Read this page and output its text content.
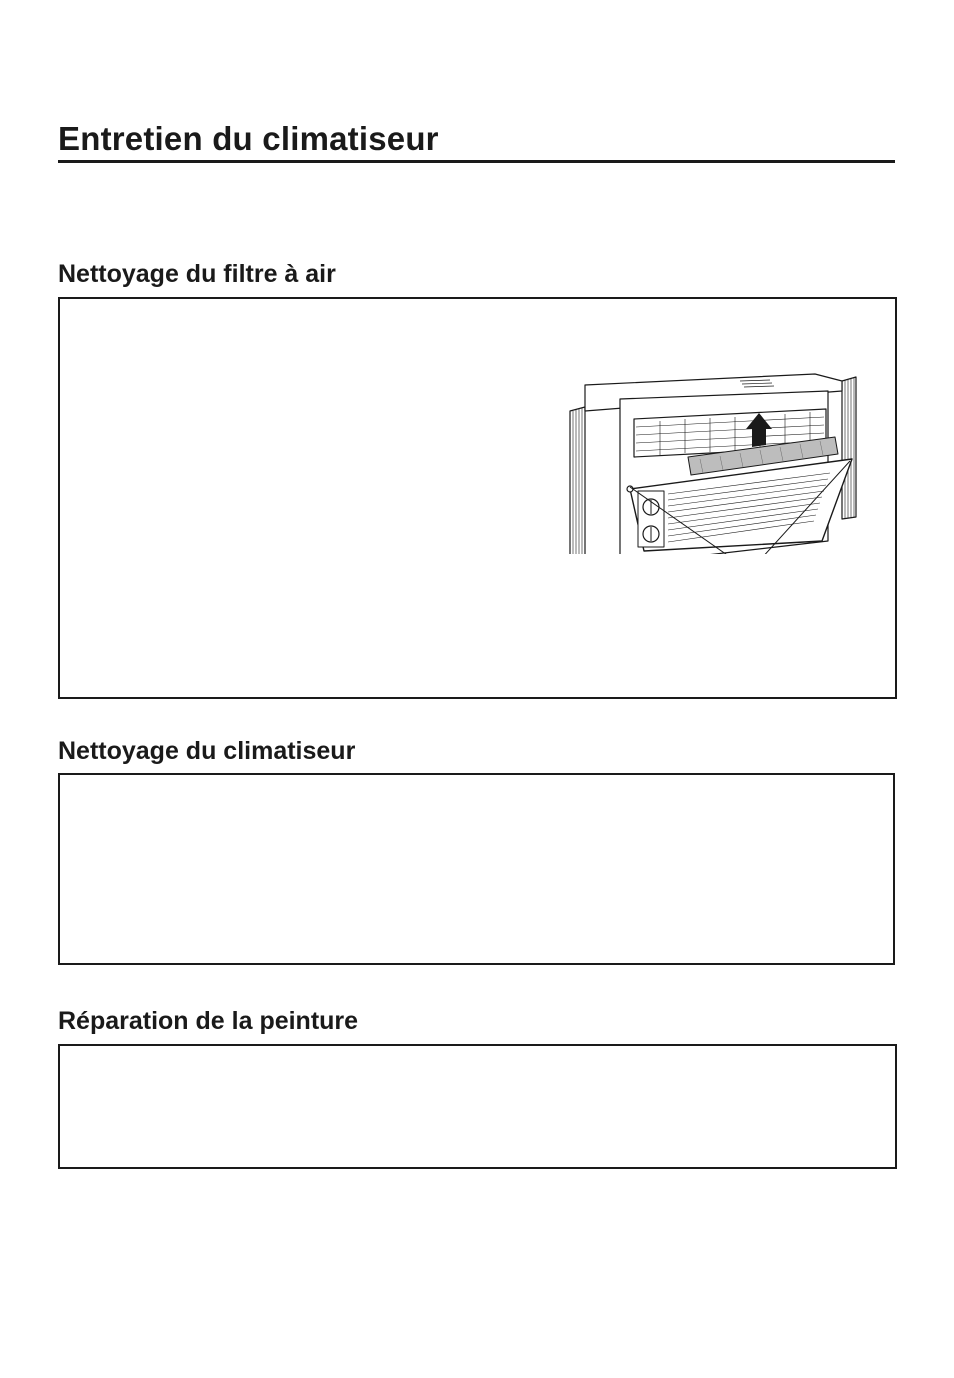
Entretien du climatiseur
Nettoyage du filtre à air
Nettoyage du climatiseur
Réparation de la peinture
